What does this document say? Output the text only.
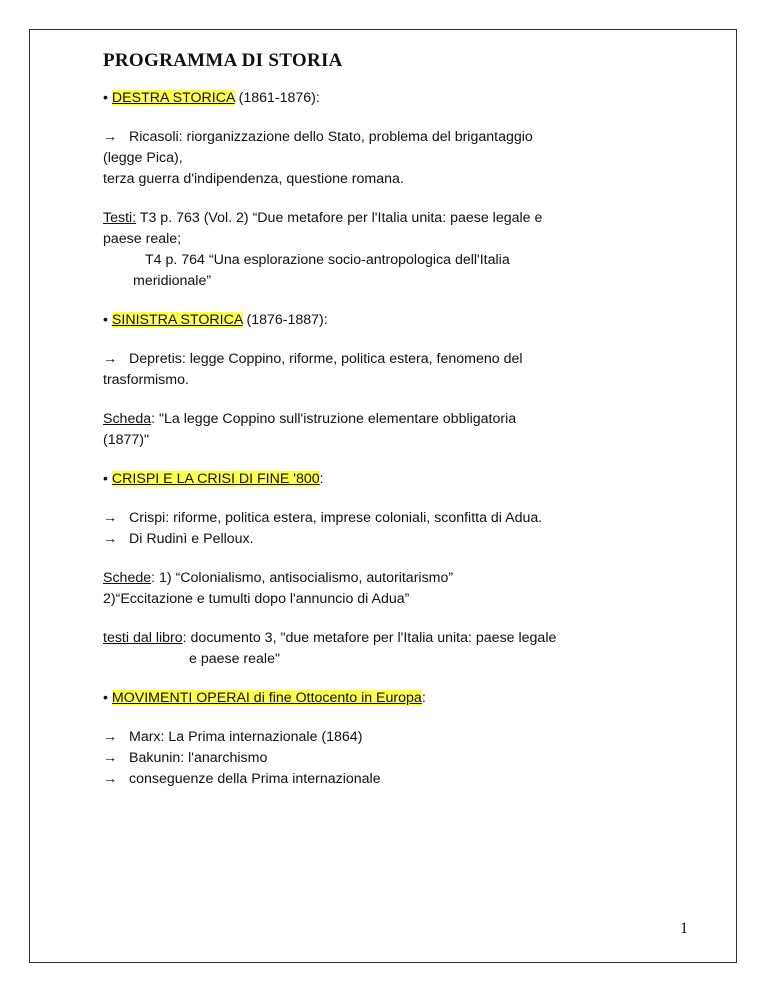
PROGRAMMA DI STORIA

• DESTRA STORICA (1861-1876):

→ Ricasoli: riorganizzazione dello Stato, problema del brigantaggio

(legge Pica),

terza guerra d'indipendenza, questione romana.

Testi: T3 p. 763 (Vol. 2) “Due metafore per l'Italia unita: paese legale e

paese reale;

T4 p. 764 “Una esplorazione socio-antropologica dell'Italia

meridionale”

• SINISTRA STORICA (1876-1887):

→ Depretis: legge Coppino, riforme, politica estera, fenomeno del

trasformismo.

Scheda: "La legge Coppino sull'istruzione elementare obbligatoria

(1877)"

• CRISPI E LA CRISI DI FINE '800:

→ Crispi: riforme, politica estera, imprese coloniali, sconfitta di Adua.

→ Di Rudinì e Pelloux.

Schede: 1) “Colonialismo, antisocialismo, autoritarismo”

2)“Eccitazione e tumulti dopo l'annuncio di Adua”

testi dal libro: documento 3, "due metafore per l'Italia unita: paese legale

e paese reale"

• MOVIMENTI OPERAI di fine Ottocento in Europa:

→ Marx: La Prima internazionale (1864)

→ Bakunin: l'anarchismo

→ conseguenze della Prima internazionale

1
